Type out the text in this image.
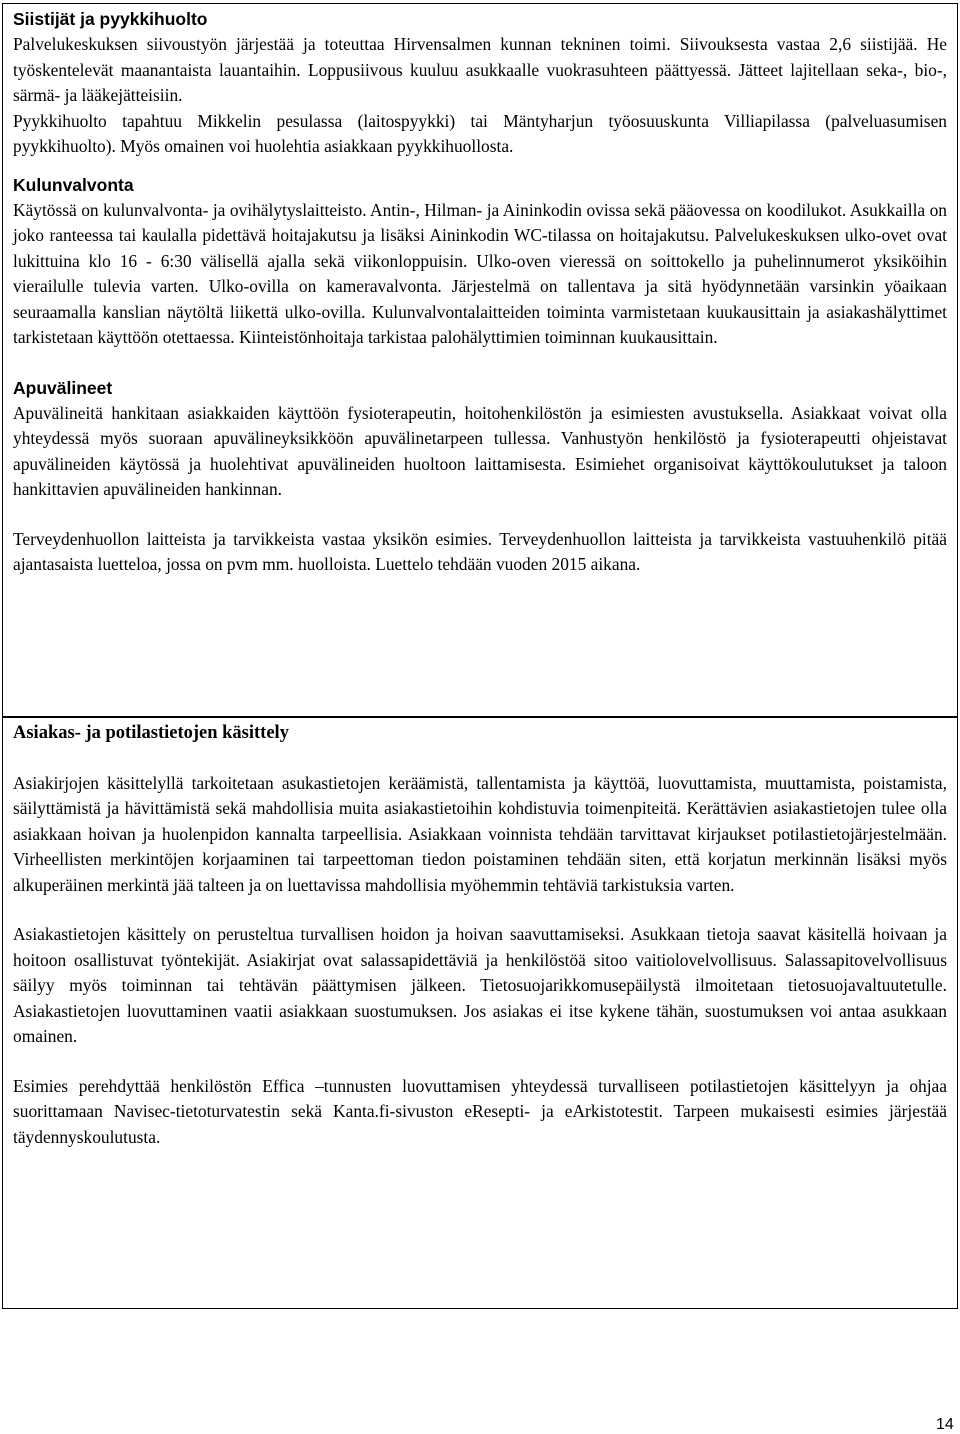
Siistijät ja pyykkihuolto

Palvelukeskuksen siivoustyön järjestää ja toteuttaa Hirvensalmen kunnan tekninen toimi. Siivouksesta vastaa 2,6 siistijää. He työskentelevät maanantaista lauantaihin. Loppusiivous kuuluu asukkaalle vuokrasuhteen päättyessä. Jätteet lajitellaan seka-, bio-, särmä- ja lääkejätteisiin.

Pyykkihuolto tapahtuu Mikkelin pesulassa (laitospyykki) tai Mäntyharjun työosuuskunta Villiapilassa (palveluasumisen pyykkihuolto). Myös omainen voi huolehtia asiakkaan pyykkihuollosta.

Kulunvalvonta

Käytössä on kulunvalvonta- ja ovihälytyslaitteisto. Antin-, Hilman- ja Aininkodin ovissa sekä pääovessa on koodilukot. Asukkailla on joko ranteessa tai kaulalla pidettävä hoitajakutsu ja lisäksi Aininkodin WC-tilassa on hoitajakutsu. Palvelukeskuksen ulko-ovet ovat lukittuina klo 16 - 6:30 välisellä ajalla sekä viikonloppuisin. Ulko-oven vieressä on soittokello ja puhelinnumerot yksiköihin vierailulle tulevia varten. Ulko-ovilla on kameravalvonta. Järjestelmä on tallentava ja sitä hyödynnetään varsinkin yöaikaan seuraamalla kanslian näytöltä liikettä ulko-ovilla. Kulunvalvontalaitteiden toiminta varmistetaan kuukausittain ja asiakashälyttimet tarkistetaan käyttöön otettaessa. Kiinteistönhoitaja tarkistaa palohälyttimien toiminnan kuukausittain.

Apuvälineet

Apuvälineitä hankitaan asiakkaiden käyttöön fysioterapeutin, hoitohenkilöstön ja esimiesten avustuksella. Asiakkaat voivat olla yhteydessä myös suoraan apuvälineyksikköön apuvälinetarpeen tullessa. Vanhustyön henkilöstö ja fysioterapeutti ohjeistavat apuvälineiden käytössä ja huolehtivat apuvälineiden huoltoon laittamisesta. Esimiehet organisoivat käyttökoulutukset ja taloon hankittavien apuvälineiden hankinnan.

Terveydenhuollon laitteista ja tarvikkeista vastaa yksikön esimies. Terveydenhuollon laitteista ja tarvikkeista vastuuhenkilö pitää ajantasaista luetteloa, jossa on pvm mm. huolloista. Luettelo tehdään vuoden 2015 aikana.

Asiakas- ja potilastietojen käsittely

Asiakirjojen käsittelyllä tarkoitetaan asukastietojen keräämistä, tallentamista ja käyttöä, luovuttamista, muuttamista, poistamista, säilyttämistä ja hävittämistä sekä mahdollisia muita asiakastietoihin kohdistuvia toimenpiteitä. Kerättävien asiakastietojen tulee olla asiakkaan hoivan ja huolenpidon kannalta tarpeellisia. Asiakkaan voinnista tehdään tarvittavat kirjaukset potilastietojärjestelmään. Virheellisten merkintöjen korjaaminen tai tarpeettoman tiedon poistaminen tehdään siten, että korjatun merkinnän lisäksi myös alkuperäinen merkintä jää talteen ja on luettavissa mahdollisia myöhemmin tehtäviä tarkistuksia varten.

Asiakastietojen käsittely on perusteltua turvallisen hoidon ja hoivan saavuttamiseksi. Asukkaan tietoja saavat käsitellä hoivaan ja hoitoon osallistuvat työntekijät. Asiakirjat ovat salassapidettäviä ja henkilöstöä sitoo vaitiolovelvollisuus. Salassapitovelvollisuus säilyy myös toiminnan tai tehtävän päättymisen jälkeen. Tietosuojarikkomusepäilystä ilmoitetaan tietosuojavaltuutetulle. Asiakastietojen luovuttaminen vaatii asiakkaan suostumuksen. Jos asiakas ei itse kykene tähän, suostumuksen voi antaa asukkaan omainen.

Esimies perehdyttää henkilöstön Effica –tunnusten luovuttamisen yhteydessä turvalliseen potilastietojen käsittelyyn ja ohjaa suorittamaan Navisec-tietoturvatestin sekä Kanta.fi-sivuston eResepti- ja eArkistotestit. Tarpeen mukaisesti esimies järjestää täydennyskoulutusta.

14
